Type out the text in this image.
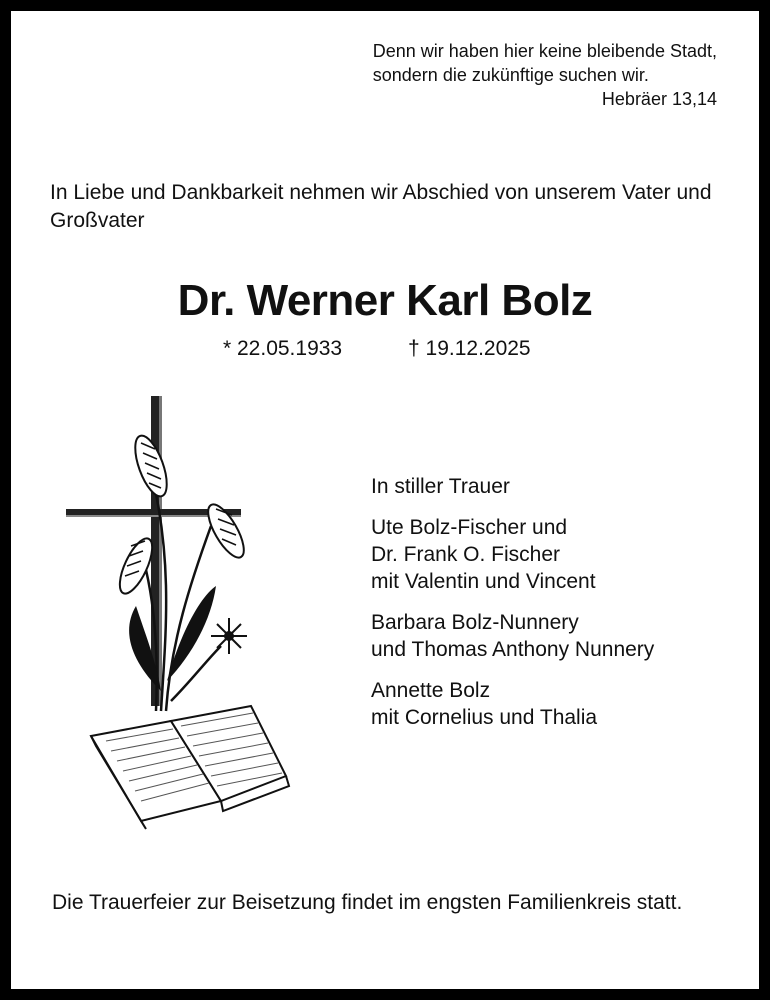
Denn wir haben hier keine bleibende Stadt,
sondern die zukünftige suchen wir.
Hebräer 13,14
In Liebe und Dankbarkeit nehmen wir Abschied von unserem Vater und Großvater
Dr. Werner Karl Bolz
* 22.05.1933	† 19.12.2025

In stiller Trauer

Ute Bolz-Fischer und
Dr. Frank O. Fischer
mit Valentin und Vincent

Barbara Bolz-Nunnery
und Thomas Anthony Nunnery

Annette Bolz
mit Cornelius und Thalia

Die Trauerfeier zur Beisetzung findet im engsten Familienkreis statt.
